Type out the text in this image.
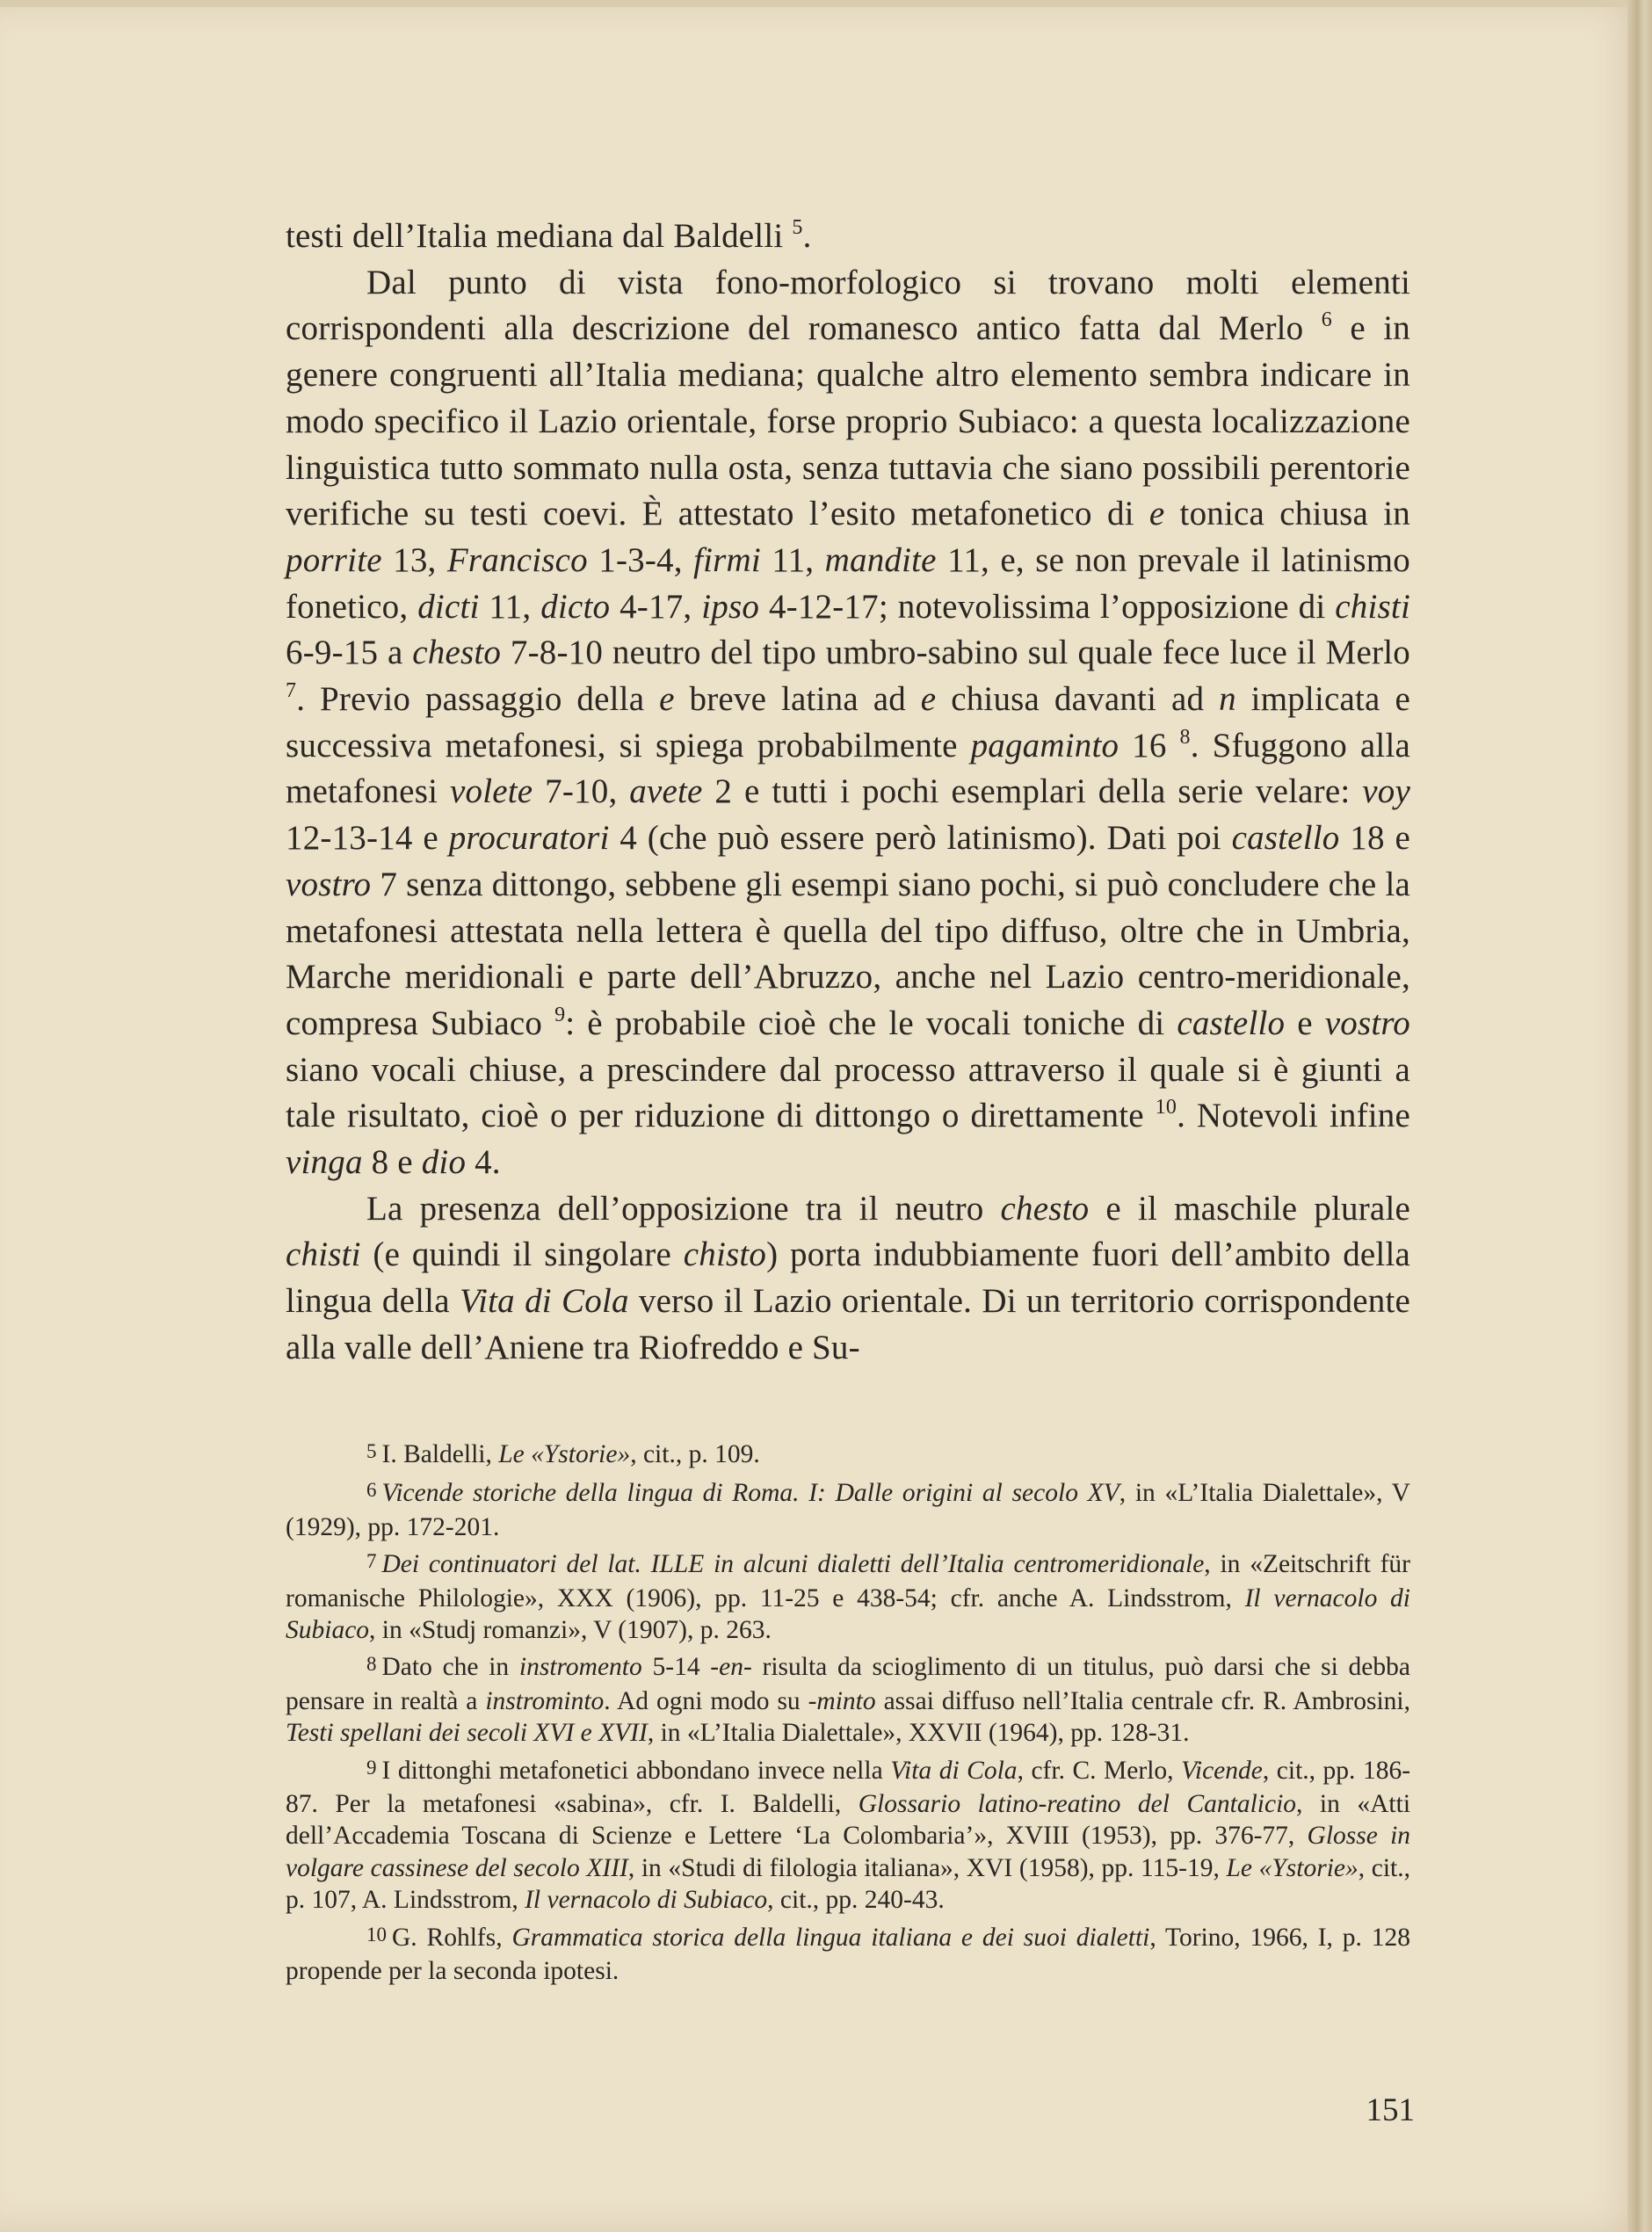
testi dell’Italia mediana dal Baldelli $^5$.

Dal punto di vista fono-morfologico si trovano molti elementi corrispondenti alla descrizione del romanesco antico fatta dal Merlo $^6$ e in genere congruenti all’Italia mediana; qualche altro elemento sembra indicare in modo specifico il Lazio orientale, forse proprio Subiaco: a questa localizzazione linguistica tutto sommato nulla osta, senza tuttavia che siano possibili perentorie verifiche su testi coevi. È attestato l’esito metafonetico di e tonica chiusa in porrite 13, Francisco 1-3-4, firmi 11, mandite 11, e, se non prevale il latinismo fonetico, dicti 11, dicto 4-17, ipso 4-12-17; notevolissima l’opposizione di chisti 6-9-15 a chesto 7-8-10 neutro del tipo umbro-sabino sul quale fece luce il Merlo $^7$. Previo passaggio della e breve latina ad e chiusa davanti ad n implicata e successiva metafonesi, si spiega probabilmente pagaminto 16 $^8$. Sfuggono alla metafonesi volete 7-10, avete 2 e tutti i pochi esemplari della serie velare: voy 12-13-14 e procuratori 4 (che può essere però latinismo). Dati poi castello 18 e vostro 7 senza dittongo, sebbene gli esempi siano pochi, si può concludere che la metafonesi attestata nella lettera è quella del tipo diffuso, oltre che in Umbria, Marche meridionali e parte dell’Abruzzo, anche nel Lazio centro-meridionale, compresa Subiaco $^9$: è probabile cioè che le vocali toniche di castello e vostro siano vocali chiuse, a prescindere dal processo attraverso il quale si è giunti a tale risultato, cioè o per riduzione di dittongo o direttamente $^{10}$. Notevoli infine vinga 8 e dio 4.

La presenza dell’opposizione tra il neutro chesto e il maschile plurale chisti (e quindi il singolare chisto) porta indubbiamente fuori dell’ambito della lingua della Vita di Cola verso il Lazio orientale. Di un territorio corrispondente alla valle dell’Aniene tra Riofreddo e Su-

5 I. Baldelli, Le «Ystorie», cit., p. 109.

6 Vicende storiche della lingua di Roma. I: Dalle origini al secolo XV, in «L’Italia Dialettale», V (1929), pp. 172-201.

7 Dei continuatori del lat. ILLE in alcuni dialetti dell’Italia centromeridionale, in «Zeitschrift für romanische Philologie», XXX (1906), pp. 11-25 e 438-54; cfr. anche A. Lindsstrom, Il vernacolo di Subiaco, in «Studj romanzi», V (1907), p. 263.

8 Dato che in instromento 5-14 -en- risulta da scioglimento di un titulus, può darsi che si debba pensare in realtà a instrominto. Ad ogni modo su -minto assai diffuso nell’Italia centrale cfr. R. Ambrosini, Testi spellani dei secoli XVI e XVII, in «L’Italia Dialettale», XXVII (1964), pp. 128-31.

9 I dittonghi metafonetici abbondano invece nella Vita di Cola, cfr. C. Merlo, Vicende, cit., pp. 186-87. Per la metafonesi «sabina», cfr. I. Baldelli, Glossario latino-reatino del Cantalicio, in «Atti dell’Accademia Toscana di Scienze e Lettere ‘La Colombaria’», XVIII (1953), pp. 376-77, Glosse in volgare cassinese del secolo XIII, in «Studi di filologia italiana», XVI (1958), pp. 115-19, Le «Ystorie», cit., p. 107, A. Lindsstrom, Il vernacolo di Subiaco, cit., pp. 240-43.

10 G. Rohlfs, Grammatica storica della lingua italiana e dei suoi dialetti, Torino, 1966, I, p. 128 propende per la seconda ipotesi.

151
